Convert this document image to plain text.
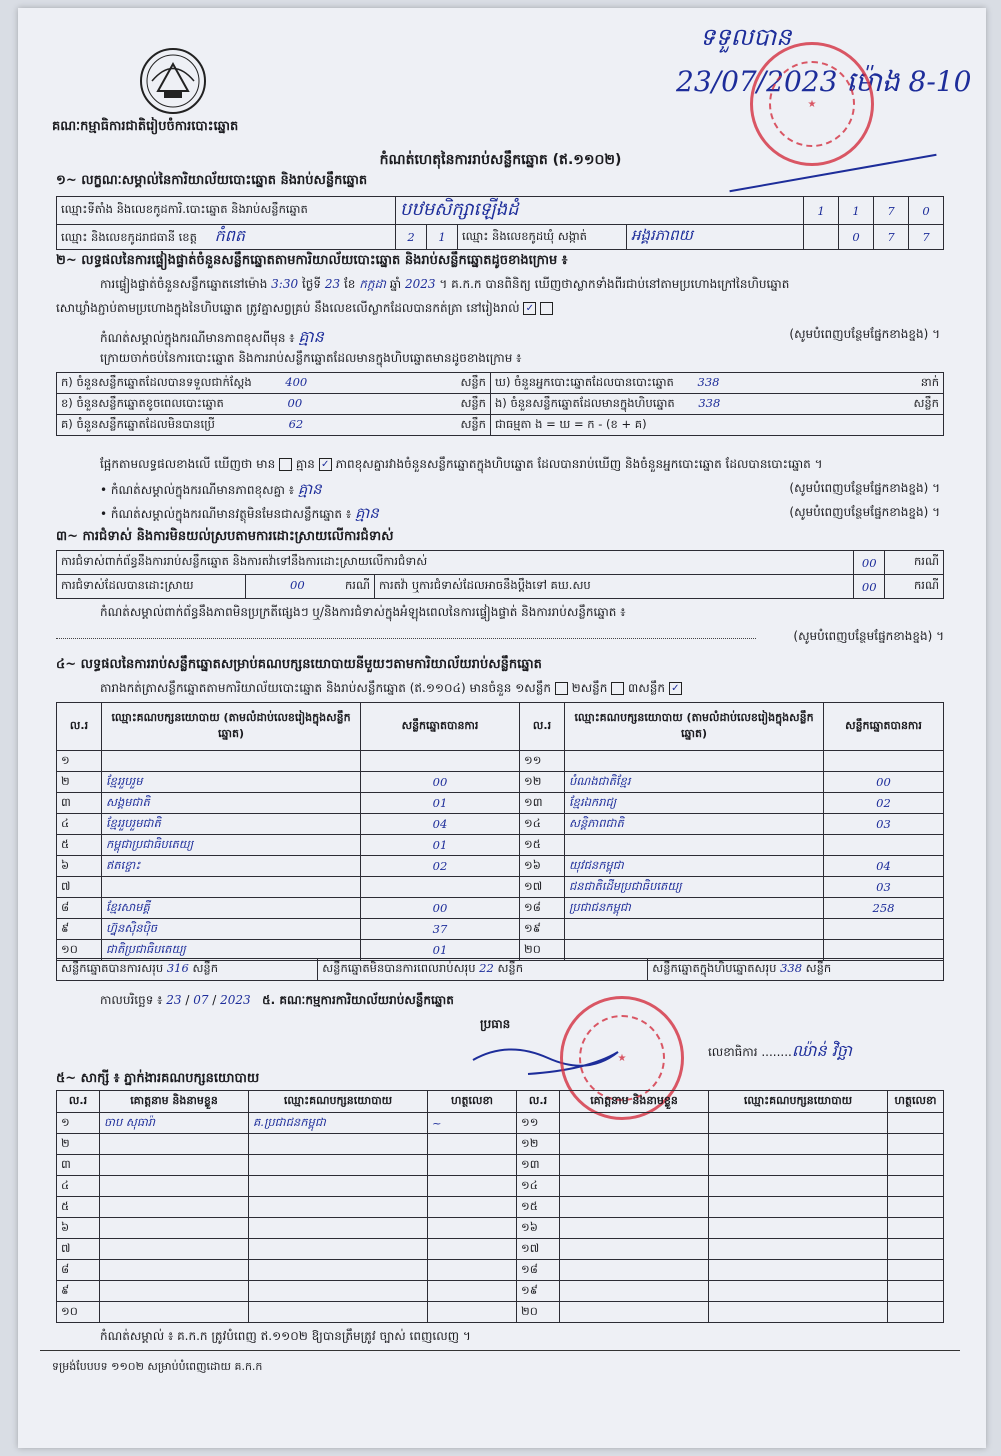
គណៈកម្មាធិការជាតិរៀបចំការបោះឆ្នោត
ទទួលបាន
23/07/2023 ម៉ោង 8-10
★
កំណត់ហេតុនៃការរាប់សន្លឹកឆ្នោត (ឥ.១១០២)
១~ លក្ខណៈសម្គាល់នៃការិយាល័យបោះឆ្នោត និងរាប់សន្លឹកឆ្នោត
ឈ្មោះទីតាំង និងលេខកូដការិ.បោះឆ្នោត និងរាប់សន្លឹកឆ្នោត	បឋមសិក្សាឡើងដំ				1	1	7	0
ឈ្មោះ និងលេខកូដរាជធានី ខេត្ត កំពត	2	1	ឈ្មោះ និងលេខកូដឃុំ សង្កាត់	អង្គរ​ភាពយ		0	7	7
២~ លទ្ធផលនៃការផ្ទៀងផ្ទាត់ចំនួនសន្លឹកឆ្នោតតាមការិយាល័យបោះឆ្នោត និងរាប់សន្លឹកឆ្នោតដូចខាងក្រោម ៖
ការផ្ទៀងផ្ទាត់ចំនួនសន្លឹកឆ្នោតនៅម៉ោង 3:30 ថ្ងៃទី 23 ខែ កក្កដា ឆ្នាំ 2023 ។ គ.ក.ក បានពិនិត្យ ឃើញថាស្លាកទាំងពីរជាប់នៅតាមប្រហោងក្រៅនៃហិបឆ្នោត
សោឃ្លាំងភ្ជាប់តាមប្រហោងក្នុងនៃហិបឆ្នោត ត្រូវគ្នាសព្វគ្រប់ នឹងលេខលើស្លាកដែលបានកត់ត្រា នៅរៀងរាល់ ✓
កំណត់សម្គាល់ក្នុងករណីមានភាពខុសពីមុន ៖ គ្មាន	(សូមបំពេញបន្ថែមផ្នែកខាងខ្នង) ។
ក្រោយចាក់ចប់នៃការបោះឆ្នោត និងការរាប់សន្លឹកឆ្នោតដែលមានក្នុងហិបឆ្នោតមានដូចខាងក្រោម ៖
ក) ចំនួនសន្លឹកឆ្នោតដែលបានទទួលជាក់ស្តែង 400 សន្លឹក	ឃ) ចំនួនអ្នកបោះឆ្នោតដែលបានបោះឆ្នោត 338 នាក់

ខ) ចំនួនសន្លឹកឆ្នោតខូចពេលបោះឆ្នោត 00 សន្លឹក	ង) ចំនួនសន្លឹកឆ្នោតដែលមានក្នុងហិបឆ្នោត 338 សន្លឹក

គ) ចំនួនសន្លឹកឆ្នោតដែលមិនបានប្រើ 62 សន្លឹក	ជាធម្មតា ង = ឃ = ក - (ខ + គ)
ផ្អែកតាមលទ្ធផលខាងលើ ឃើញថា មាន គ្មាន ✓ ភាពខុសគ្នារវាងចំនួនសន្លឹកឆ្នោតក្នុងហិបឆ្នោត ដែលបានរាប់ឃើញ និងចំនួនអ្នកបោះឆ្នោត ដែលបានបោះឆ្នោត ។
• កំណត់សម្គាល់ក្នុងករណីមានភាពខុសគ្នា ៖ គ្មាន	(សូមបំពេញបន្ថែមផ្នែកខាងខ្នង) ។
• កំណត់សម្គាល់ក្នុងករណីមានវត្ថុមិនមែនជាសន្លឹកឆ្នោត ៖ គ្មាន	(សូមបំពេញបន្ថែមផ្នែកខាងខ្នង) ។
៣~ ការជំទាស់ និងការមិនយល់ស្របតាមការដោះស្រាយលើការជំទាស់
ការជំទាស់ពាក់ព័ន្ធនឹងការរាប់សន្លឹកឆ្នោត និងការតវ៉ាទៅនឹងការដោះស្រាយលើការជំទាស់			00	ករណី
ការជំទាស់ដែលបានដោះស្រាយ	00 ករណី	ការតវ៉ា ឬការជំទាស់ដែលអាចនឹងប្តឹងទៅ គឃ.សប	00	ករណី
កំណត់សម្គាល់ពាក់ព័ន្ធនឹងភាពមិនប្រក្រតីផ្សេងៗ ឬ/និងការជំទាស់ក្នុងអំឡុងពេលនៃការផ្ទៀងផ្ទាត់ និងការរាប់សន្លឹកឆ្នោត ៖
(សូមបំពេញបន្ថែមផ្នែកខាងខ្នង) ។
៤~ លទ្ធផលនៃការរាប់សន្លឹកឆ្នោតសម្រាប់គណបក្សនយោបាយនីមួយៗតាមការិយាល័យរាប់សន្លឹកឆ្នោត
តារាងកត់ត្រាសន្លឹកឆ្នោតតាមការិយាល័យបោះឆ្នោត និងរាប់សន្លឹកឆ្នោត (ឥ.១១០៤) មានចំនួន ១សន្លឹក ២សន្លឹក ៣សន្លឹក ✓
ល.រ	ឈ្មោះគណបក្សនយោបាយ (តាមលំដាប់លេខរៀងក្នុងសន្លឹកឆ្នោត)	សន្លឹកឆ្នោតបានការ	ល.រ	ឈ្មោះគណបក្សនយោបាយ (តាមលំដាប់លេខរៀងក្នុងសន្លឹកឆ្នោត)	សន្លឹកឆ្នោតបានការ
១			១១		
២	ខ្មែរ​រួបរួម	00	១២	បំណងជាតិខ្មែរ	00
៣	សង្គមជាតិ	01	១៣	ខ្មែរ​ឯករាជ្យ	02
៤	ខ្មែរ​រួបរួមជាតិ	04	១៤	សន្តិភាពជាតិ	03
៥	កម្ពុជា​ប្រជាធិបតេយ្យ	01	១៥		
៦	ឥតខ្ចោះ	02	១៦	យុវជនកម្ពុជា	04
៧			១៧	ជនជាតិដើម​ប្រជាធិបតេយ្យ	03
៨	ខ្មែរ​សាមគ្គី	00	១៨	ប្រជាជនកម្ពុជា	258
៩	ហ្វ៊ុនស៊ិនប៉ិច	37	១៩		
១០	ជាតិ​ប្រជាធិបតេយ្យ	01	២០		
សន្លឹកឆ្នោតបានការសរុប 316 សន្លឹក	សន្លឹកឆ្នោតមិនបានការពេលរាប់សរុប 22 សន្លឹក	សន្លឹកឆ្នោតក្នុងហិបឆ្នោតសរុប 338 សន្លឹក
កាលបរិច្ឆេទ ៖ 23 / 07 / 2023 ៥. គណៈកម្មការការិយាល័យរាប់សន្លឹកឆ្នោត
ប្រធាន
លេខាធិការ ........ឈ៉ាន់ វិច្ឆា
★
៥~ សាក្សី ៖ ភ្នាក់ងារគណបក្សនយោបាយ
ល.រ	គោត្តនាម និងនាមខ្លួន	ឈ្មោះគណបក្សនយោបាយ	ហត្ថលេខា	ល.រ	គោត្តនាម និងនាមខ្លួន	ឈ្មោះគណបក្សនយោបាយ	ហត្ថលេខា
១	ចាប សុធារ៉ា	គ.ប្រជាជនកម្ពុជា	~	១១			
២				១២			
៣				១៣			
៤				១៤			
៥				១៥			
៦				១៦			
៧				១៧			
៨				១៨			
៩				១៩			
១០				២០			
កំណត់សម្គាល់ ៖ គ.ក.ក ត្រូវបំពេញ ឥ.១១០២ ឱ្យបានត្រឹមត្រូវ ច្បាស់ ពេញលេញ ។
ទម្រង់បែបបទ ១១០២ សម្រាប់បំពេញដោយ គ.ក.ក
